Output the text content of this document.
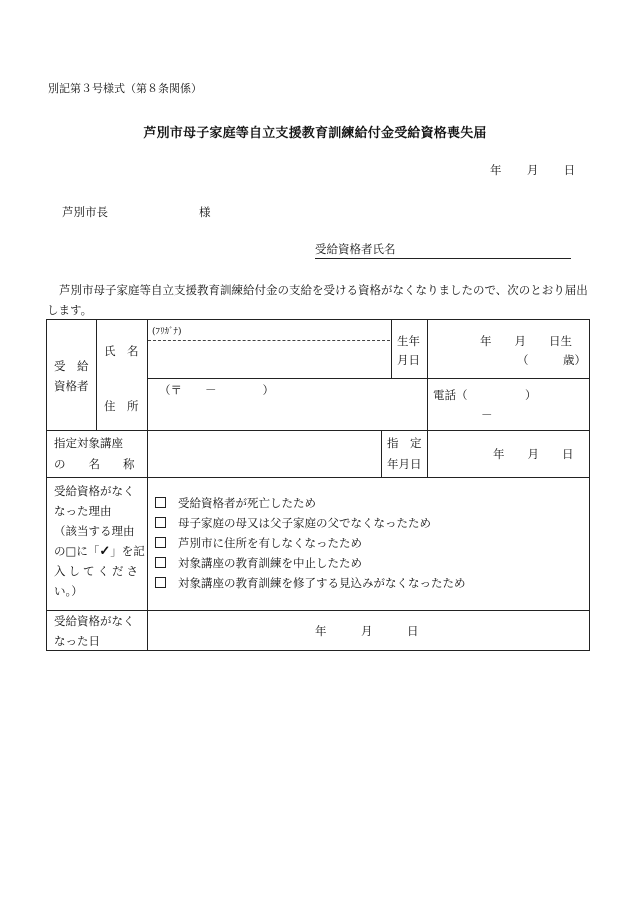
別記第３号様式（第８条関係）
芦別市母子家庭等自立支援教育訓練給付金受給資格喪失届
年 月 日
芦別市長	様
受給資格者氏名
芦別市母子家庭等自立支援教育訓練給付金の支給を受ける資格がなくなりましたので、次のとおり届出します。
受　給
資格者
氏　名
(ﾌﾘｶﾞﾅ)
生年
月日
年　　月　　日生
（　　　歳）
住　所
（〒　　－　　　　）	電話（　　　　　）
－
指定対象講座
の　　名　　称
指　定
年月日
年　　月　　日
受給資格がなく
なった理由
（該当する理由
の□に「✓」を記
入してくださ
い。）
受給資格者が死亡したため
母子家庭の母又は父子家庭の父でなくなったため
芦別市に住所を有しなくなったため
対象講座の教育訓練を中止したため
対象講座の教育訓練を修了する見込みがなくなったため
受給資格がなく
なった日
年　　　月　　　日
